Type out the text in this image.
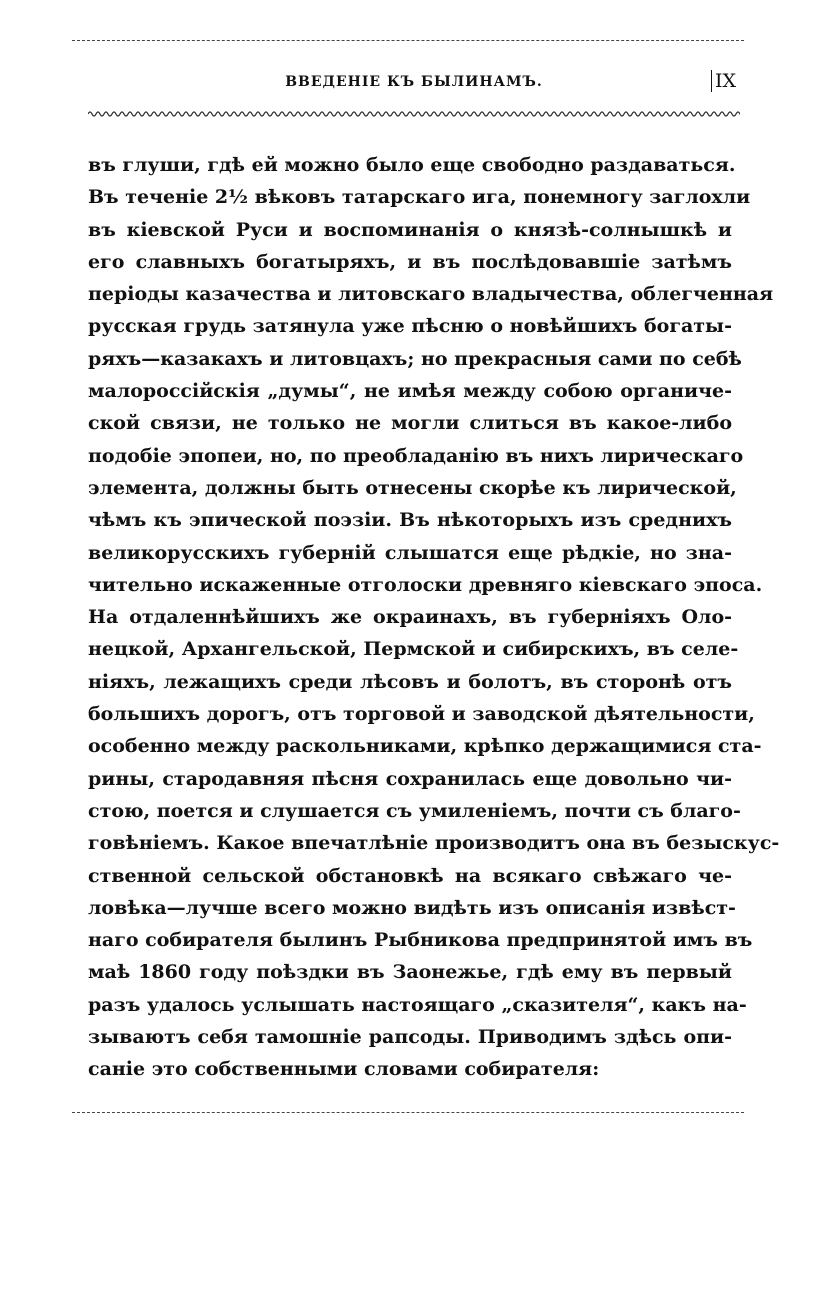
ВВЕДЕНІЕ КЪ БЫЛИНАМЪ.	IX
въ глуши, гдѣ ей можно было еще свободно раздаваться.
Въ теченіе 2½ вѣковъ татарскаго ига, понемногу заглохли
въ кіевской Руси и воспоминанія о князѣ-солнышкѣ и
его славныхъ богатыряхъ, и въ послѣдовавшіе затѣмъ
періоды казачества и литовскаго владычества, облегченная
русская грудь затянула уже пѣсню о новѣйшихъ богаты-
ряхъ—казакахъ и литовцахъ; но прекрасныя сами по себѣ
малороссійскія „думы“, не имѣя между собою органиче-
ской связи, не только не могли слиться въ какое-либо
подобіе эпопеи, но, по преобладанію въ нихъ лирическаго
элемента, должны быть отнесены скорѣе къ лирической,
чѣмъ къ эпической поэзіи. Въ нѣкоторыхъ изъ среднихъ
великорусскихъ губерній слышатся еще рѣдкіе, но зна-
чительно искаженные отголоски древняго кіевскаго эпоса.
На отдаленнѣйшихъ же окраинахъ, въ губерніяхъ Оло-
нецкой, Архангельской, Пермской и сибирскихъ, въ селе-
ніяхъ, лежащихъ среди лѣсовъ и болотъ, въ сторонѣ отъ
большихъ дорогъ, отъ торговой и заводской дѣятельности,
особенно между раскольниками, крѣпко держащимися ста-
рины, стародавняя пѣсня сохранилась еще довольно чи-
стою, поется и слушается съ умиленіемъ, почти съ благо-
говѣніемъ. Какое впечатлѣніе производитъ она въ безыскус-
ственной сельской обстановкѣ на всякаго свѣжаго че-
ловѣка—лучше всего можно видѣть изъ описанія извѣст-
наго собирателя былинъ Рыбникова предпринятой имъ въ
маѣ 1860 году поѣздки въ Заонежье, гдѣ ему въ первый
разъ удалось услышать настоящаго „сказителя“, какъ на-
зываютъ себя тамошніе рапсоды. Приводимъ здѣсь опи-
саніе это собственными словами собирателя:
